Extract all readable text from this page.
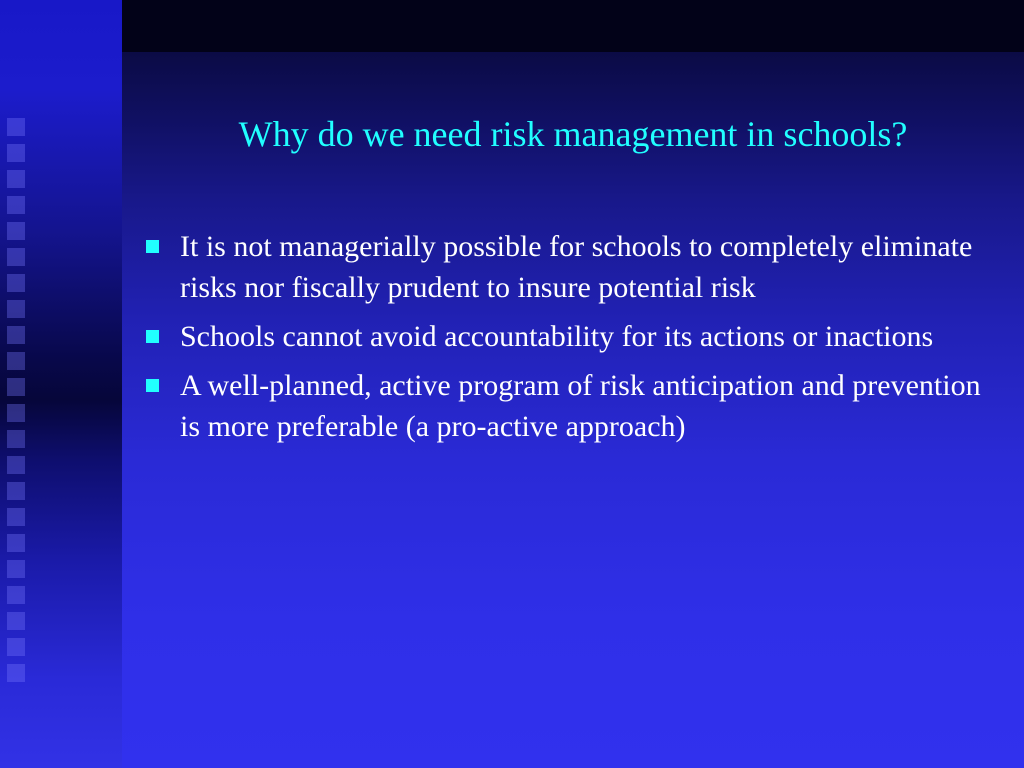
Why do we need risk management in schools?
It is not managerially possible for schools to completely eliminate risks nor fiscally prudent to insure potential risk
Schools cannot avoid accountability for its actions or inactions
A well-planned, active program of risk anticipation and prevention is more preferable (a pro-active approach)
